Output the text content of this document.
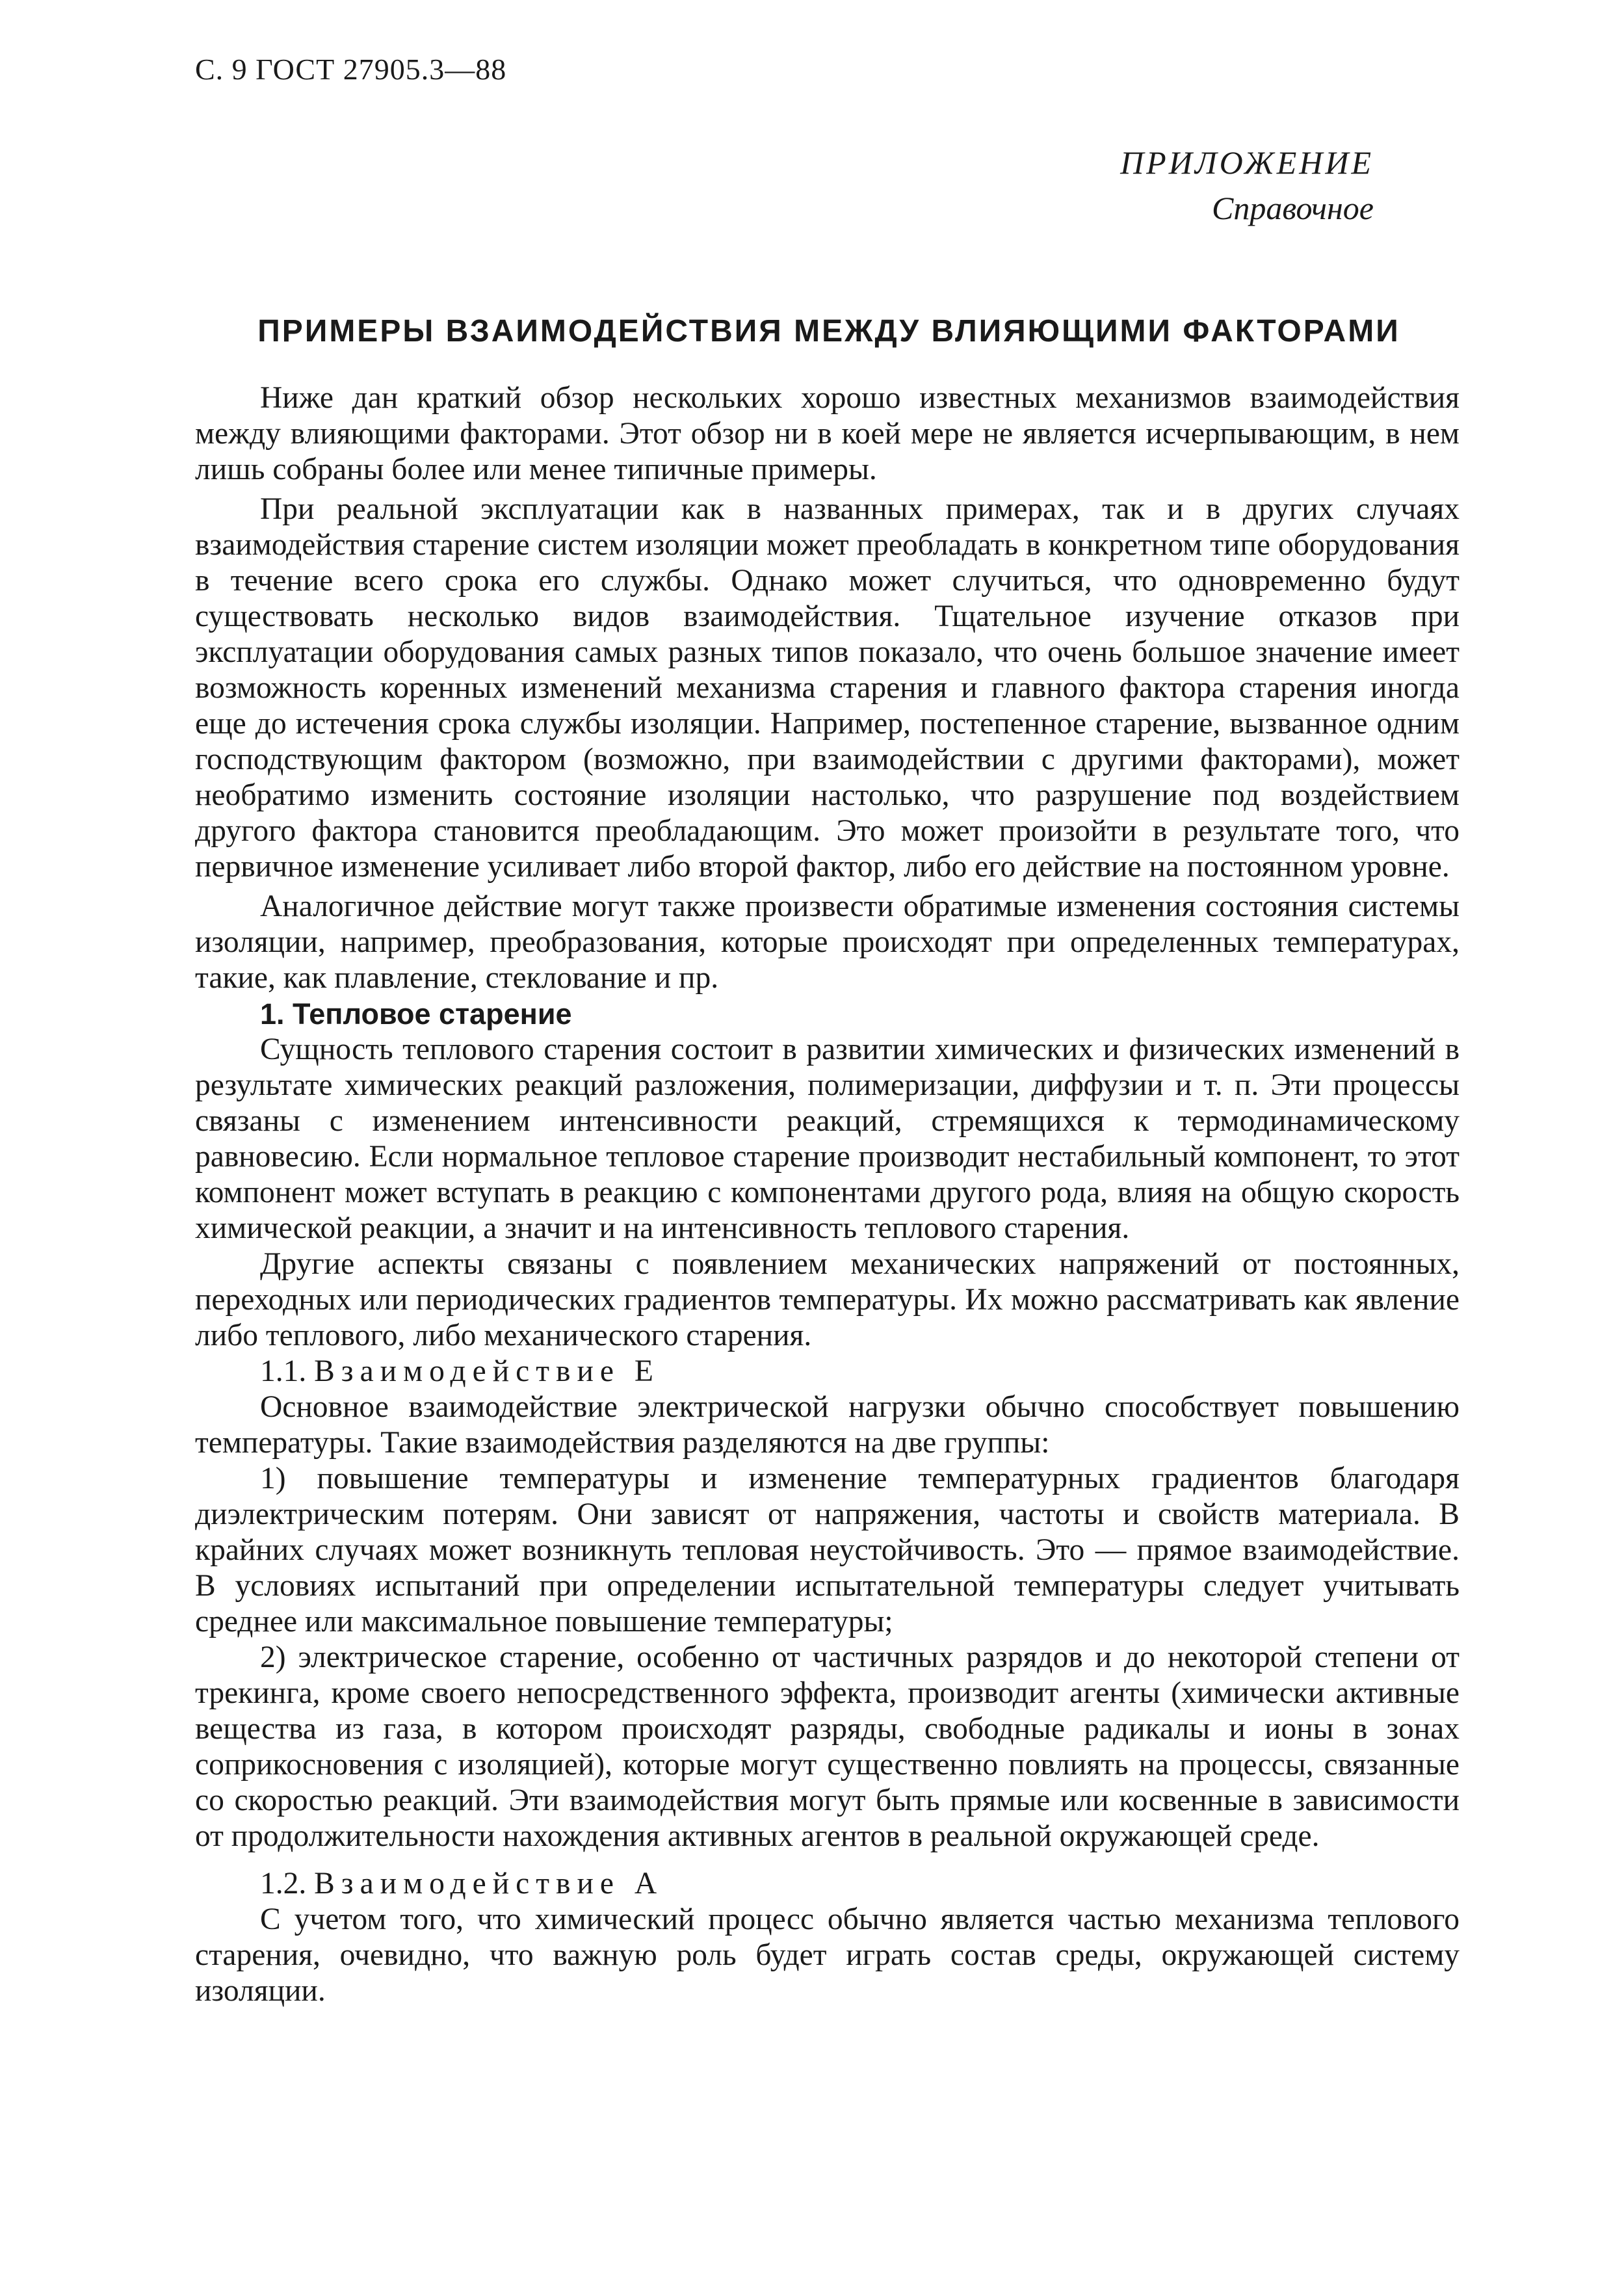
С. 9 ГОСТ 27905.3—88
ПРИЛОЖЕНИЕ
Справочное
ПРИМЕРЫ ВЗАИМОДЕЙСТВИЯ МЕЖДУ ВЛИЯЮЩИМИ ФАКТОРАМИ

Ниже дан краткий обзор нескольких хорошо известных механизмов взаимодействия между влияющими факторами. Этот обзор ни в коей мере не является исчерпывающим, в нем лишь собраны более или менее типичные примеры.

При реальной эксплуатации как в названных примерах, так и в других случаях взаимодействия старение систем изоляции может преобладать в конкретном типе оборудования в течение всего срока его службы. Однако может случиться, что одновременно будут существовать несколько видов взаимодействия. Тщательное изучение отказов при эксплуатации оборудования самых разных типов показало, что очень большое значение имеет возможность коренных изменений механизма старения и главного фактора старения иногда еще до истечения срока службы изоляции. Например, постепенное старение, вызванное одним господствующим фактором (возможно, при взаимодействии с другими факторами), может необратимо изменить состояние изоляции настолько, что разрушение под воздействием другого фактора становится преобладающим. Это может произойти в результате того, что первичное изменение усиливает либо второй фактор, либо его действие на постоянном уровне.

Аналогичное действие могут также произвести обратимые изменения состояния системы изоляции, например, преобразования, которые происходят при определенных температурах, такие, как плавление, стеклование и пр.

1. Тепловое старение

Сущность теплового старения состоит в развитии химических и физических изменений в результате химических реакций разложения, полимеризации, диффузии и т. п. Эти процессы связаны с изменением интенсивности реакций, стремящихся к термодинамическому равновесию. Если нормальное тепловое старение производит нестабильный компонент, то этот компонент может вступать в реакцию с компонентами другого рода, влияя на общую скорость химической реакции, а значит и на интенсивность теплового старения.

Другие аспекты связаны с появлением механических напряжений от постоянных, переходных или периодических градиентов температуры. Их можно рассматривать как явление либо теплового, либо механического старения.

1.1. Взаимодействие Е

Основное взаимодействие электрической нагрузки обычно способствует повышению температуры. Такие взаимодействия разделяются на две группы:

1) повышение температуры и изменение температурных градиентов благодаря диэлектрическим потерям. Они зависят от напряжения, частоты и свойств материала. В крайних случаях может возникнуть тепловая неустойчивость. Это — прямое взаимодействие. В условиях испытаний при определении испытательной температуры следует учитывать среднее или максимальное повышение температуры;

2) электрическое старение, особенно от частичных разрядов и до некоторой степени от трекинга, кроме своего непосредственного эффекта, производит агенты (химически активные вещества из газа, в котором происходят разряды, свободные радикалы и ионы в зонах соприкосновения с изоляцией), которые могут существенно повлиять на процессы, связанные со скоростью реакций. Эти взаимодействия могут быть прямые или косвенные в зависимости от продолжительности нахождения активных агентов в реальной окружающей среде.

1.2. Взаимодействие А

С учетом того, что химический процесс обычно является частью механизма теплового старения, очевидно, что важную роль будет играть состав среды, окружающей систему изоляции.
